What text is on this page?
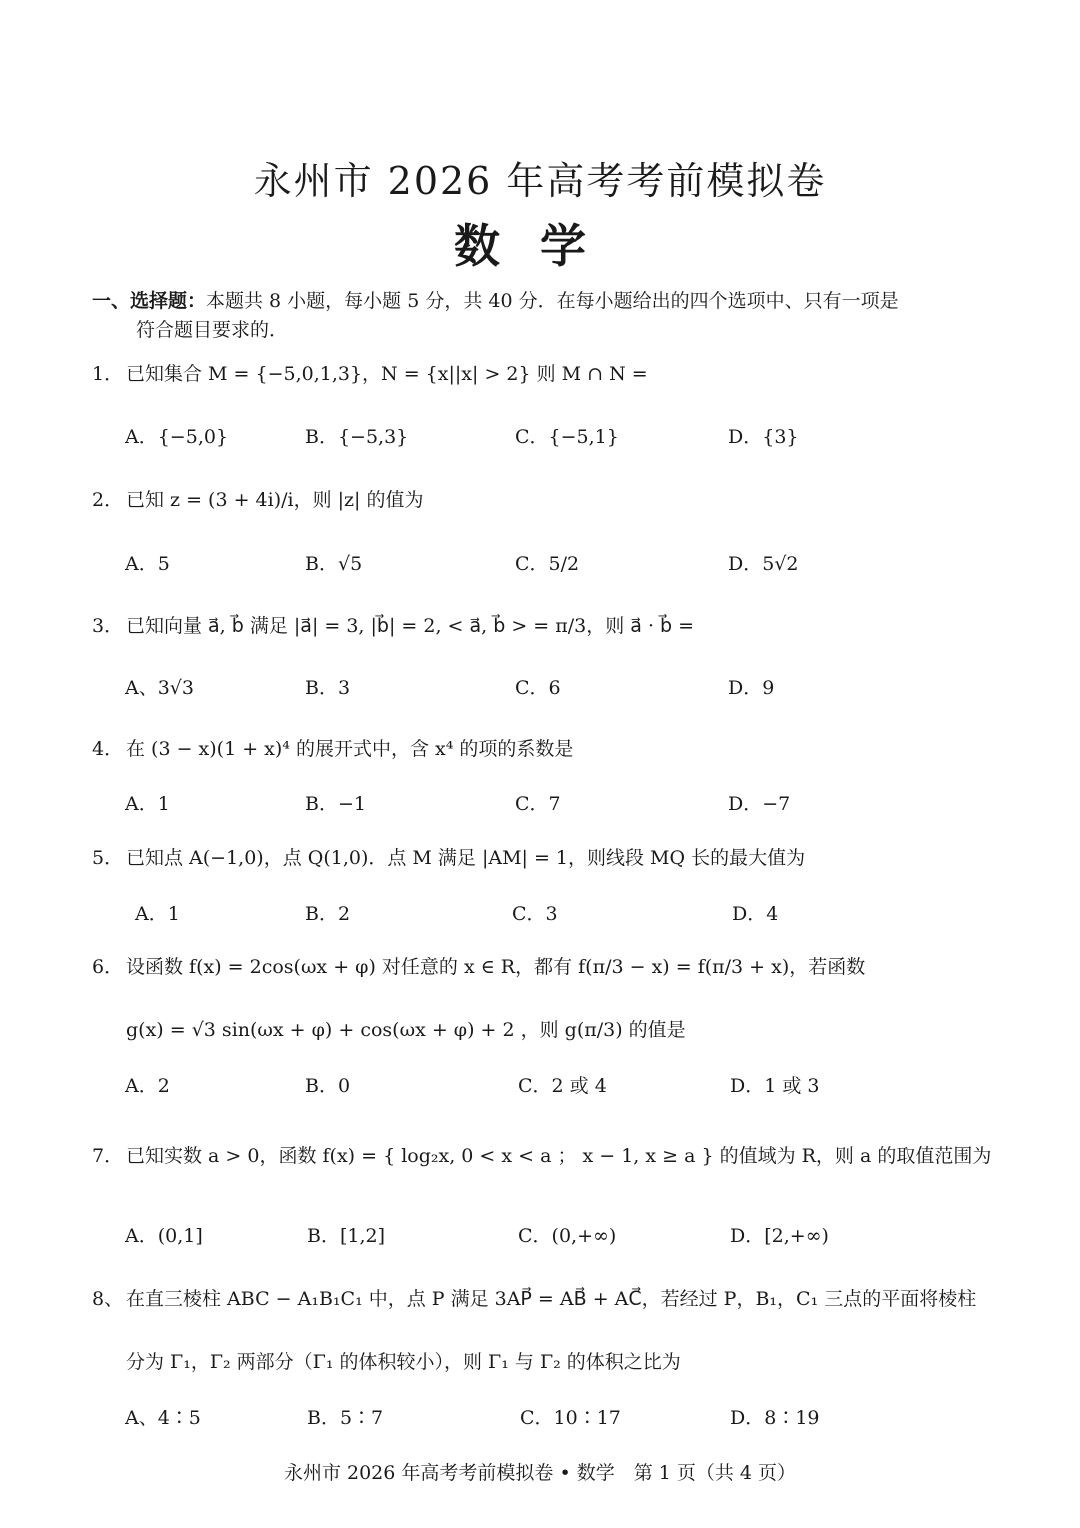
永州市 2026 年高考考前模拟卷
数学
一、选择题：本题共 8 小题，每小题 5 分，共 40 分．在每小题给出的四个选项中、只有一项是
符合题目要求的．
1． 已知集合 M = {−5,0,1,3}，N = {x||x| > 2} 则 M ∩ N =
A．{−5,0}	B．{−5,3}	C．{−5,1}	D．{3}
2． 已知 z = (3 + 4i)/i，则 |z| 的值为
A．5	B．√5	C．5/2	D．5√2
3． 已知向量 a⃗, b⃗ 满足 |a⃗| = 3, |b⃗| = 2, < a⃗, b⃗ > = π/3，则 a⃗ · b⃗ =
A、3√3	B．3	C．6	D．9
4． 在 (3 − x)(1 + x)⁴ 的展开式中，含 x⁴ 的项的系数是
A．1	B．−1	C．7	D．−7
5． 已知点 A(−1,0)，点 Q(1,0)．点 M 满足 |AM| = 1，则线段 MQ 长的最大值为
A．1	B．2	C．3	D．4
6． 设函数 f(x) = 2cos(ωx + φ) 对任意的 x ∈ R，都有 f(π/3 − x) = f(π/3 + x)，若函数
g(x) = √3 sin(ωx + φ) + cos(ωx + φ) + 2 ，则 g(π/3) 的值是
A．2	B．0	C．2 或 4	D．1 或 3
7． 已知实数 a > 0，函数 f(x) = { log₂x, 0 < x < a ； x − 1, x ≥ a } 的值域为 R，则 a 的取值范围为
A．(0,1]	B．[1,2]	C．(0,+∞)	D．[2,+∞)
8、 在直三棱柱 ABC − A₁B₁C₁ 中，点 P 满足 3AP⃗ = AB⃗ + AC⃗，若经过 P，B₁，C₁ 三点的平面将棱柱
分为 Γ₁，Γ₂ 两部分（Γ₁ 的体积较小），则 Γ₁ 与 Γ₂ 的体积之比为
A、4∶5	B．5∶7	C．10∶17	D．8∶19
永州市 2026 年高考考前模拟卷 • 数学　第 1 页（共 4 页）
